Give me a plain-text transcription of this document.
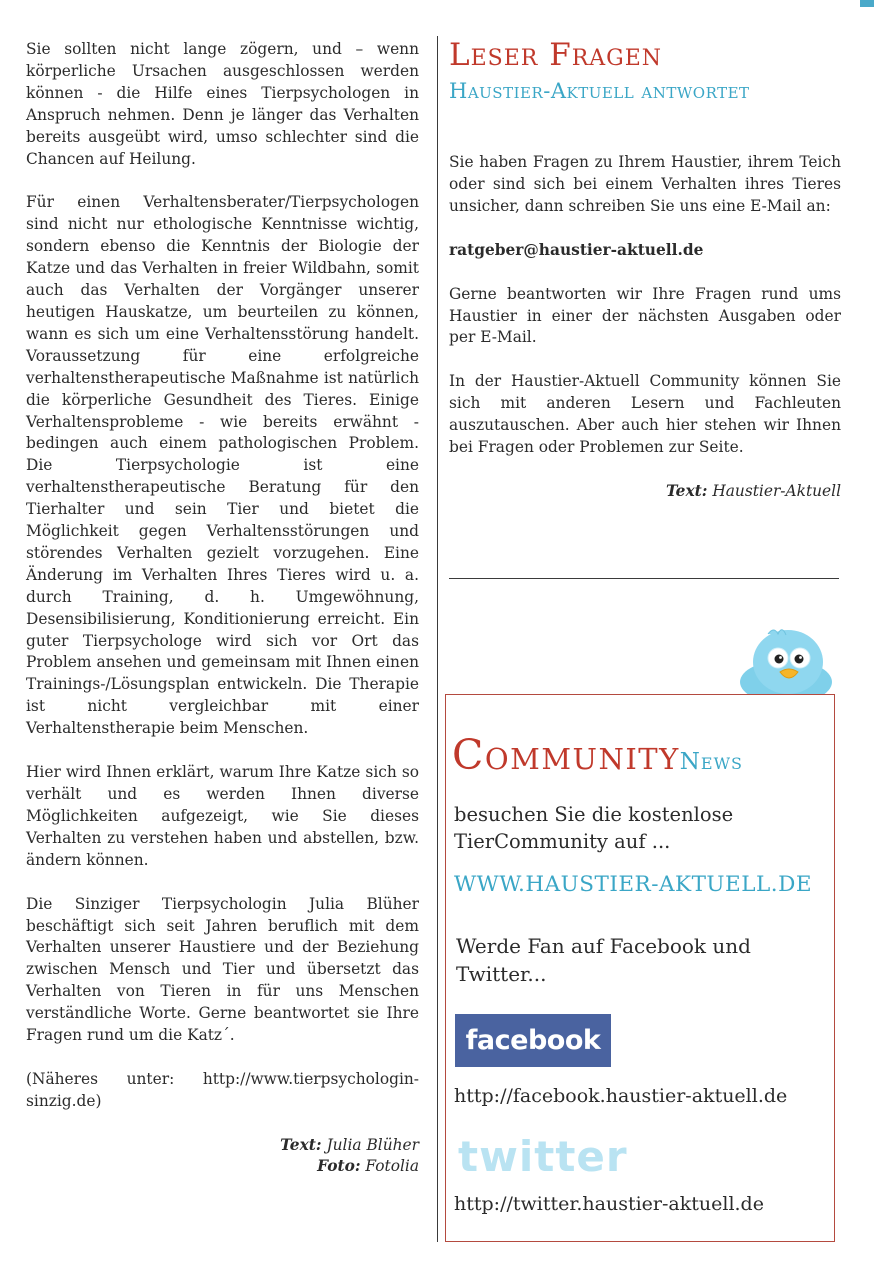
Sie sollten nicht lange zögern, und – wenn körperliche Ursachen ausgeschlossen werden können - die Hilfe eines Tierpsychologen in Anspruch nehmen. Denn je länger das Verhalten bereits ausgeübt wird, umso schlechter sind die Chancen auf Heilung.

Für einen Verhaltensberater/Tierpsychologen sind nicht nur ethologische Kenntnisse wichtig, sondern ebenso die Kenntnis der Biologie der Katze und das Verhalten in freier Wildbahn, somit auch das Verhalten der Vorgänger unserer heutigen Hauskatze, um beurteilen zu können, wann es sich um eine Verhaltensstörung handelt. Voraussetzung für eine erfolgreiche verhaltenstherapeutische Maßnahme ist natürlich die körperliche Gesundheit des Tieres. Einige Verhaltensprobleme - wie bereits erwähnt - bedingen auch einem pathologischen Problem. Die Tierpsychologie ist eine verhaltenstherapeutische Beratung für den Tierhalter und sein Tier und bietet die Möglichkeit gegen Verhaltensstörungen und störendes Verhalten gezielt vorzugehen. Eine Änderung im Verhalten Ihres Tieres wird u. a. durch Training, d. h. Umgewöhnung, Desensibilisierung, Konditionierung erreicht. Ein guter Tierpsychologe wird sich vor Ort das Problem ansehen und gemeinsam mit Ihnen einen Trainings-/Lösungsplan entwickeln. Die Therapie ist nicht vergleichbar mit einer Verhaltenstherapie beim Menschen.

Hier wird Ihnen erklärt, warum Ihre Katze sich so verhält und es werden Ihnen diverse Möglichkeiten aufgezeigt, wie Sie dieses Verhalten zu verstehen haben und abstellen, bzw. ändern können.

Die Sinziger Tierpsychologin Julia Blüher beschäftigt sich seit Jahren beruflich mit dem Verhalten unserer Haustiere und der Beziehung zwischen Mensch und Tier und übersetzt das Verhalten von Tieren in für uns Menschen verständliche Worte. Gerne beantwortet sie Ihre Fragen rund um die Katz´.

(Näheres unter: http://www.tierpsychologin-sinzig.de)

Text: Julia Blüher
Foto: Fotolia
Leser Fragen
Haustier-Aktuell antwortet

Sie haben Fragen zu Ihrem Haustier, ihrem Teich oder sind sich bei einem Verhalten ihres Tieres unsicher, dann schreiben Sie uns eine E-Mail an:

ratgeber@haustier-aktuell.de

Gerne beantworten wir Ihre Fragen rund ums Haustier in einer der nächsten Ausgaben oder per E-Mail.

In der Haustier-Aktuell Community können Sie sich mit anderen Lesern und Fachleuten auszutauschen. Aber auch hier stehen wir Ihnen bei Fragen oder Problemen zur Seite.

Text: Haustier-Aktuell

CommunityNews

besuchen Sie die kostenlose TierCommunity auf ...

WWW.HAUSTIER-AKTUELL.DE

Werde Fan auf Facebook und Twitter...

facebook

http://facebook.haustier-aktuell.de

twitter

http://twitter.haustier-aktuell.de
